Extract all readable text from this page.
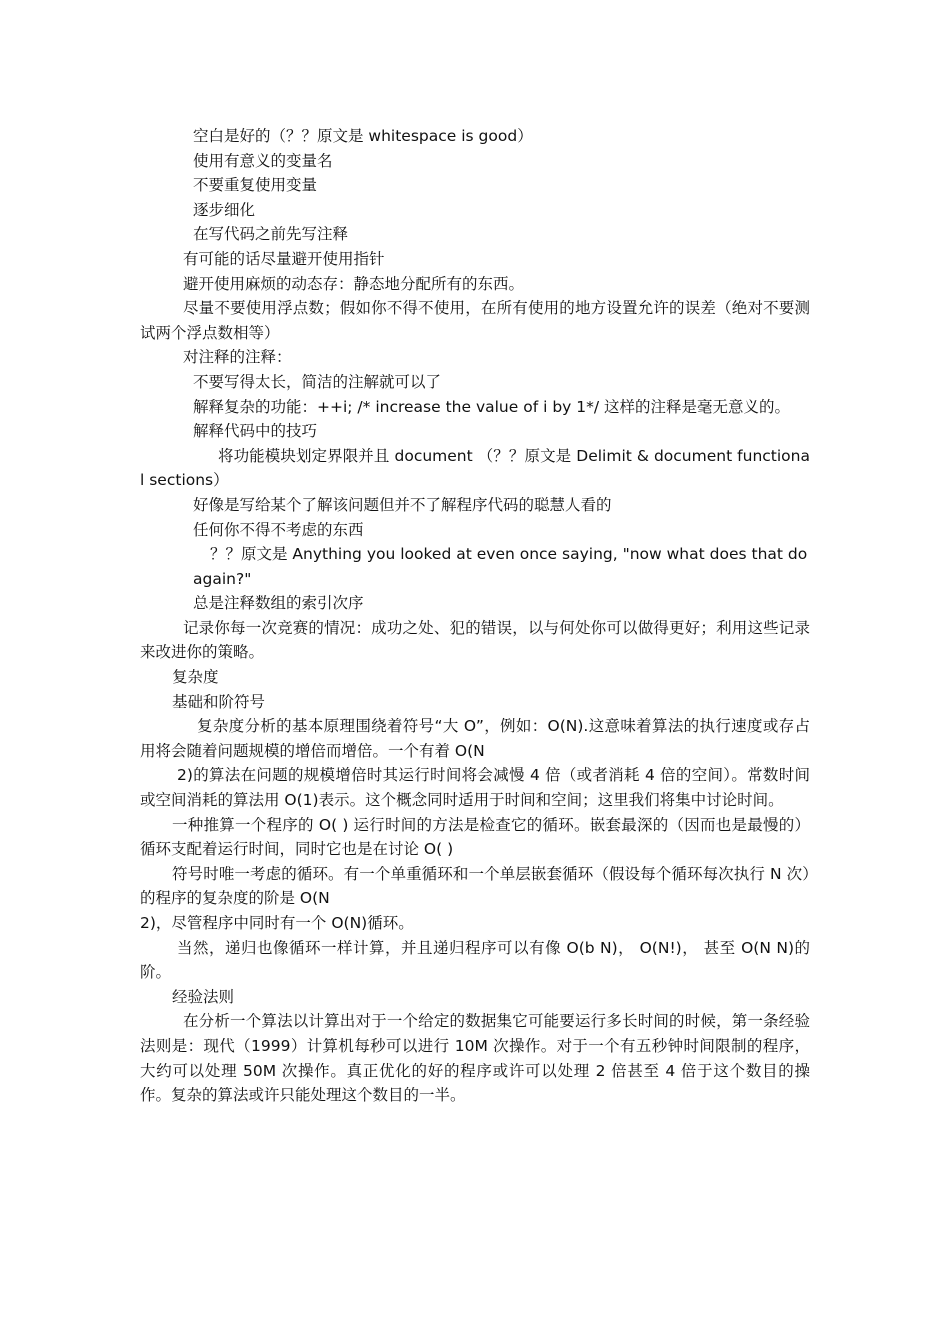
空白是好的（？？原文是 whitespace is good）

使用有意义的变量名

不要重复使用变量

逐步细化

在写代码之前先写注释

有可能的话尽量避开使用指针

避开使用麻烦的动态存：静态地分配所有的东西。

尽量不要使用浮点数；假如你不得不使用，在所有使用的地方设置允许的误差（绝对不要测试两个浮点数相等）

对注释的注释：

不要写得太长，简洁的注解就可以了

解释复杂的功能：++i; /* increase the value of i by 1*/ 这样的注释是毫无意义的。

解释代码中的技巧

将功能模块划定界限并且 document （？？原文是 Delimit & document functional sections）

好像是写给某个了解该问题但并不了解程序代码的聪慧人看的

任何你不得不考虑的东西

？？原文是 Anything you looked at even once saying, "now what does that do

again?"

总是注释数组的索引次序

记录你每一次竞赛的情况：成功之处、犯的错误，以与何处你可以做得更好；利用这些记录来改进你的策略。

复杂度

基础和阶符号

复杂度分析的基本原理围绕着符号“大 O”，例如：O(N).这意味着算法的执行速度或存占用将会随着问题规模的增倍而增倍。一个有着 O(N

2)的算法在问题的规模增倍时其运行时间将会减慢 4 倍（或者消耗 4 倍的空间）。常数时间或空间消耗的算法用 O(1)表示。这个概念同时适用于时间和空间；这里我们将集中讨论时间。

一种推算一个程序的 O( ) 运行时间的方法是检查它的循环。嵌套最深的（因而也是最慢的）循环支配着运行时间，同时它也是在讨论 O( )

符号时唯一考虑的循环。有一个单重循环和一个单层嵌套循环（假设每个循环每次执行 N 次）的程序的复杂度的阶是 O(N

2)，尽管程序中同时有一个 O(N)循环。

当然，递归也像循环一样计算，并且递归程序可以有像 O(b N)， O(N!)， 甚至 O(N N)的阶。

经验法则

在分析一个算法以计算出对于一个给定的数据集它可能要运行多长时间的时候，第一条经验法则是：现代（1999）计算机每秒可以进行 10M 次操作。对于一个有五秒钟时间限制的程序，大约可以处理 50M 次操作。真正优化的好的程序或许可以处理 2 倍甚至 4 倍于这个数目的操作。复杂的算法或许只能处理这个数目的一半。
